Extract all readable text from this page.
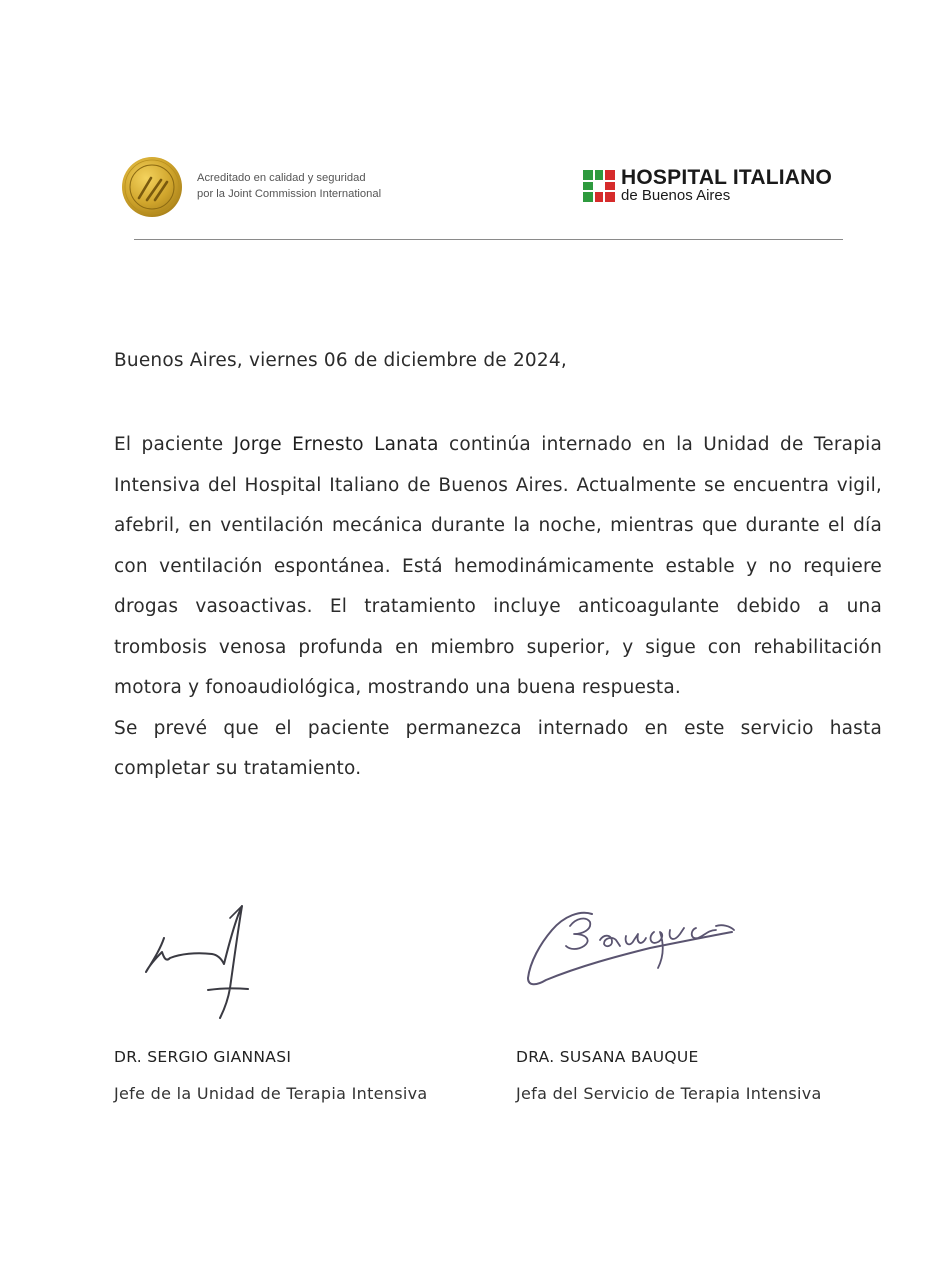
Acreditado en calidad y seguridad
por la Joint Commission International
HOSPITAL ITALIANO
de Buenos Aires
Buenos Aires, viernes 06 de diciembre de 2024,

El paciente Jorge Ernesto Lanata continúa internado en la Unidad de Terapia Intensiva del Hospital Italiano de Buenos Aires. Actualmente se encuentra vigil, afebril, en ventilación mecánica durante la noche, mientras que durante el día con ventilación espontánea. Está hemodinámicamente estable y no requiere drogas vasoactivas. El tratamiento incluye anticoagulante debido a una trombosis venosa profunda en miembro superior, y sigue con rehabilitación motora y fonoaudiológica, mostrando una buena respuesta.

Se prevé que el paciente permanezca internado en este servicio hasta completar su tratamiento.

DR. SERGIO GIANNASI
Jefe de la Unidad de Terapia Intensiva
DRA. SUSANA BAUQUE
Jefa del Servicio de Terapia Intensiva
